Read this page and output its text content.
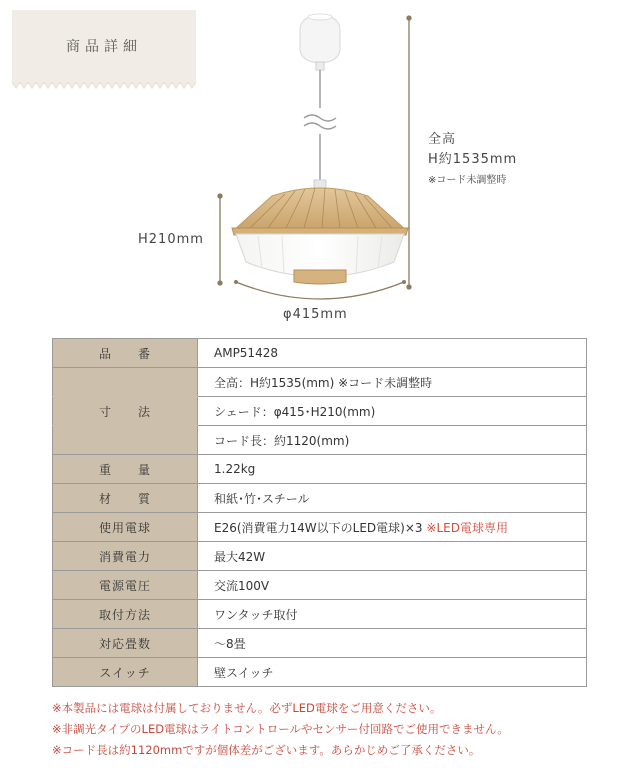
商品詳細
全高
H約1535mm
※コード未調整時
H210mm
φ415mm
品　　番	AMP51428
	全高：H約1535(mm) ※コード未調整時
寸　　法	シェード：φ415･H210(mm)
	コード長：約1120(mm)
重　　量	1.22kg
材　　質	和紙･竹･スチール
使用電球	E26(消費電力14W以下のLED電球)×3 ※LED電球専用
消費電力	最大42W
電源電圧	交流100V
取付方法	ワンタッチ取付
対応畳数	～8畳
スイッチ	壁スイッチ
※本製品には電球は付属しておりません。必ずLED電球をご用意ください。
※非調光タイプのLED電球はライトコントロールやセンサー付回路でご使用できません。
※コード長は約1120mmですが個体差がございます。あらかじめご了承ください。
